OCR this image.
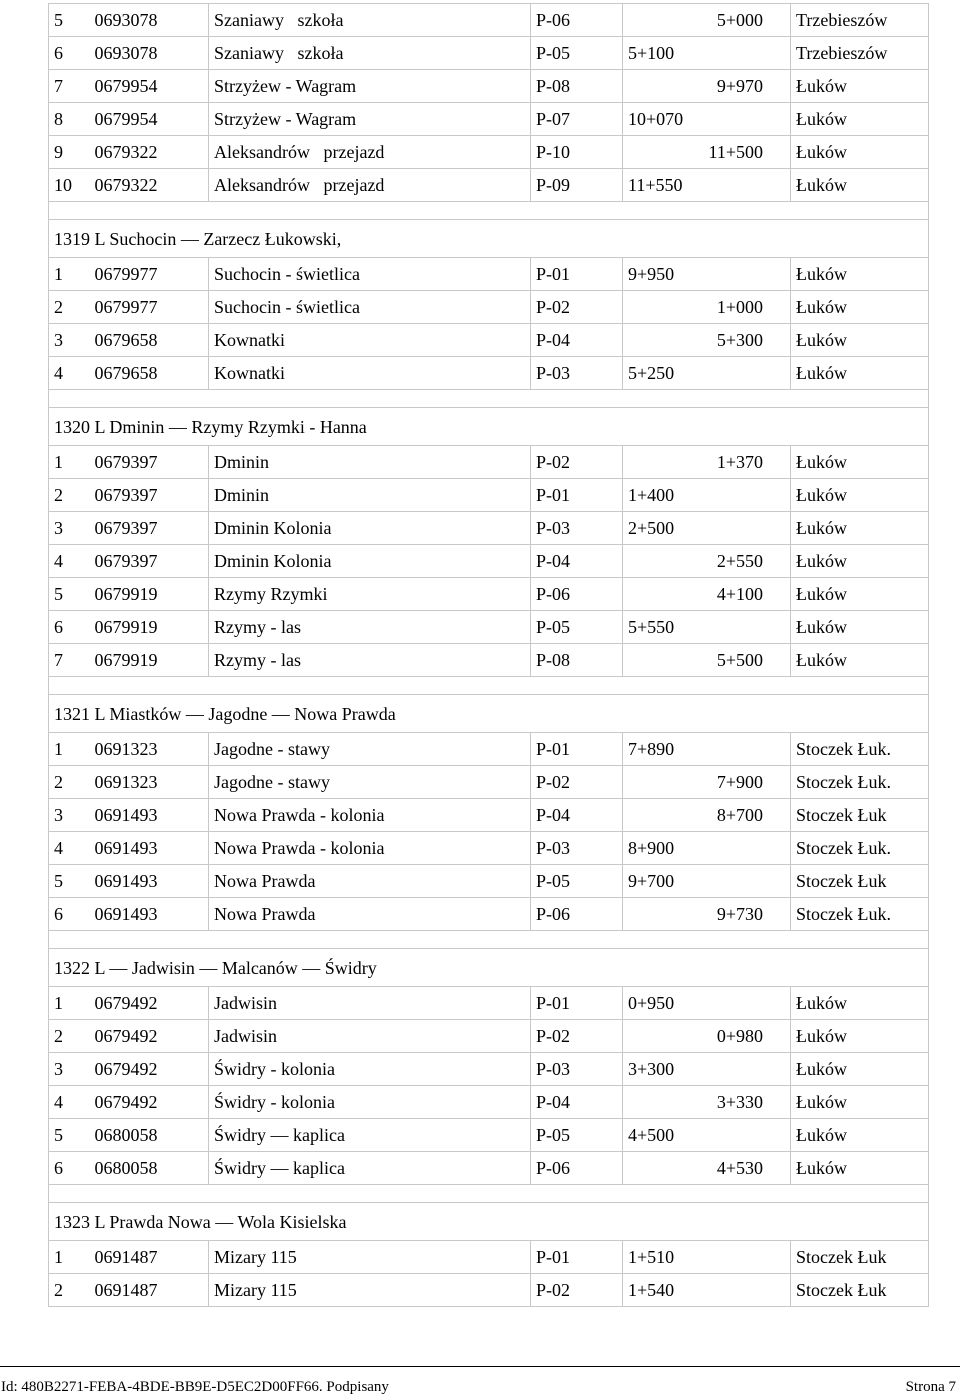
5	0693078	Szaniawy   szkoła	P-06	5+000	Trzebieszów
6	0693078	Szaniawy   szkoła	P-05	5+100	Trzebieszów
7	0679954	Strzyżew - Wagram	P-08	9+970	Łuków
8	0679954	Strzyżew - Wagram	P-07	10+070	Łuków
9	0679322	Aleksandrów   przejazd	P-10	11+500	Łuków
10	0679322	Aleksandrów   przejazd	P-09	11+550	Łuków

1319 L Suchocin — Zarzecz Łukowski,					
1	0679977	Suchocin - świetlica	P-01	9+950	Łuków
2	0679977	Suchocin - świetlica	P-02	1+000	Łuków
3	0679658	Kownatki	P-04	5+300	Łuków
4	0679658	Kownatki	P-03	5+250	Łuków

1320 L Dminin — Rzymy Rzymki - Hanna					
1	0679397	Dminin	P-02	1+370	Łuków
2	0679397	Dminin	P-01	1+400	Łuków
3	0679397	Dminin Kolonia	P-03	2+500	Łuków
4	0679397	Dminin Kolonia	P-04	2+550	Łuków
5	0679919	Rzymy Rzymki	P-06	4+100	Łuków
6	0679919	Rzymy - las	P-05	5+550	Łuków
7	0679919	Rzymy - las	P-08	5+500	Łuków

1321 L Miastków — Jagodne — Nowa Prawda					
1	0691323	Jagodne - stawy	P-01	7+890	Stoczek Łuk.
2	0691323	Jagodne - stawy	P-02	7+900	Stoczek Łuk.
3	0691493	Nowa Prawda - kolonia	P-04	8+700	Stoczek Łuk
4	0691493	Nowa Prawda - kolonia	P-03	8+900	Stoczek Łuk.
5	0691493	Nowa Prawda	P-05	9+700	Stoczek Łuk
6	0691493	Nowa Prawda	P-06	9+730	Stoczek Łuk.

1322 L — Jadwisin — Malcanów — Świdry					
1	0679492	Jadwisin	P-01	0+950	Łuków
2	0679492	Jadwisin	P-02	0+980	Łuków
3	0679492	Świdry - kolonia	P-03	3+300	Łuków
4	0679492	Świdry - kolonia	P-04	3+330	Łuków
5	0680058	Świdry — kaplica	P-05	4+500	Łuków
6	0680058	Świdry — kaplica	P-06	4+530	Łuków

1323 L Prawda Nowa — Wola Kisielska					
1	0691487	Mizary 115	P-01	1+510	Stoczek Łuk
2	0691487	Mizary 115	P-02	1+540	Stoczek Łuk
Id: 480B2271-FEBA-4BDE-BB9E-D5EC2D00FF66. Podpisany	Strona 7
